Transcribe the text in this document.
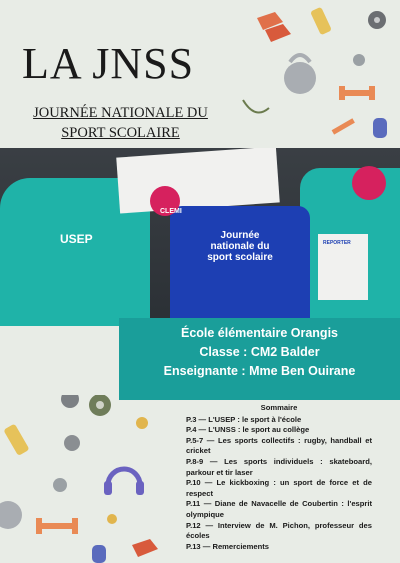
LA JNSS
JOURNÉE NATIONALE DU SPORT SCOLAIRE
Journée nationale du sport scolaire
USEP
CLEMI
REPORTER
École élémentaire Orangis
Classe : CM2 Balder
Enseignante : Mme Ben Ouirane
Sommaire
P.3 — L'USEP : le sport à l'école
P.4 — L'UNSS : le sport au collège
P.5-7 — Les sports collectifs : rugby, handball et cricket
P.8-9 — Les sports individuels : skateboard, parkour et tir laser
P.10 — Le kickboxing : un sport de force et de respect
P.11 — Diane de Navacelle de Coubertin : l'esprit olympique
P.12 — Interview de M. Pichon, professeur des écoles
P.13 — Remerciements
